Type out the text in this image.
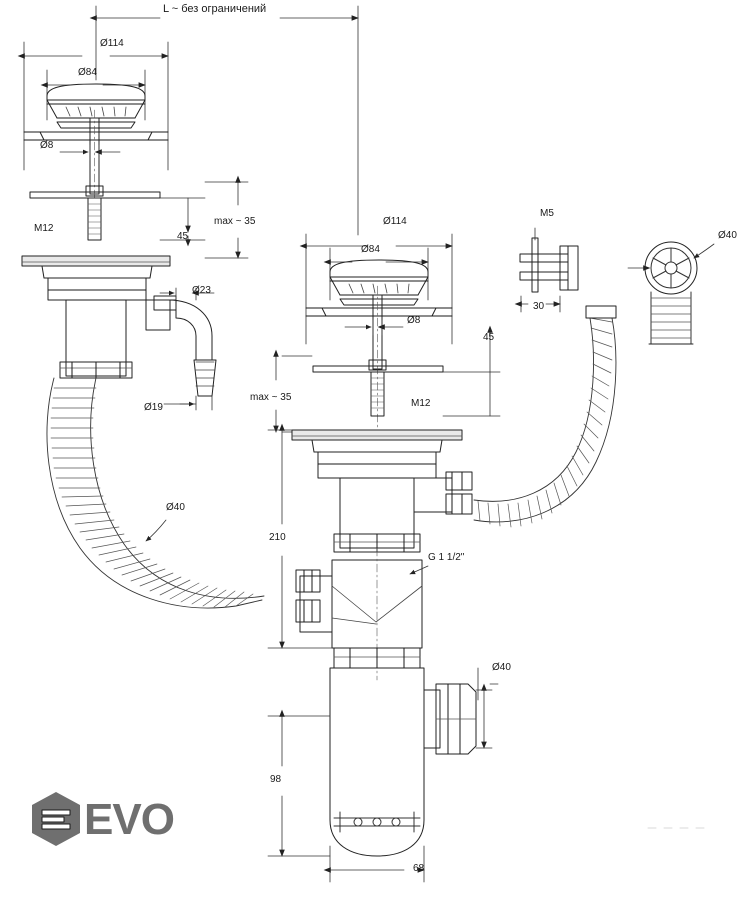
L ~ без ограничений
Ø114
Ø84
Ø8
max ~ 35
M12
45
Ø23
Ø19
Ø40
Ø114
Ø84
Ø8
45
max ~ 35
M12
M5
30
Ø40
210
G 1 1/2"
Ø40
98
68
EVO
